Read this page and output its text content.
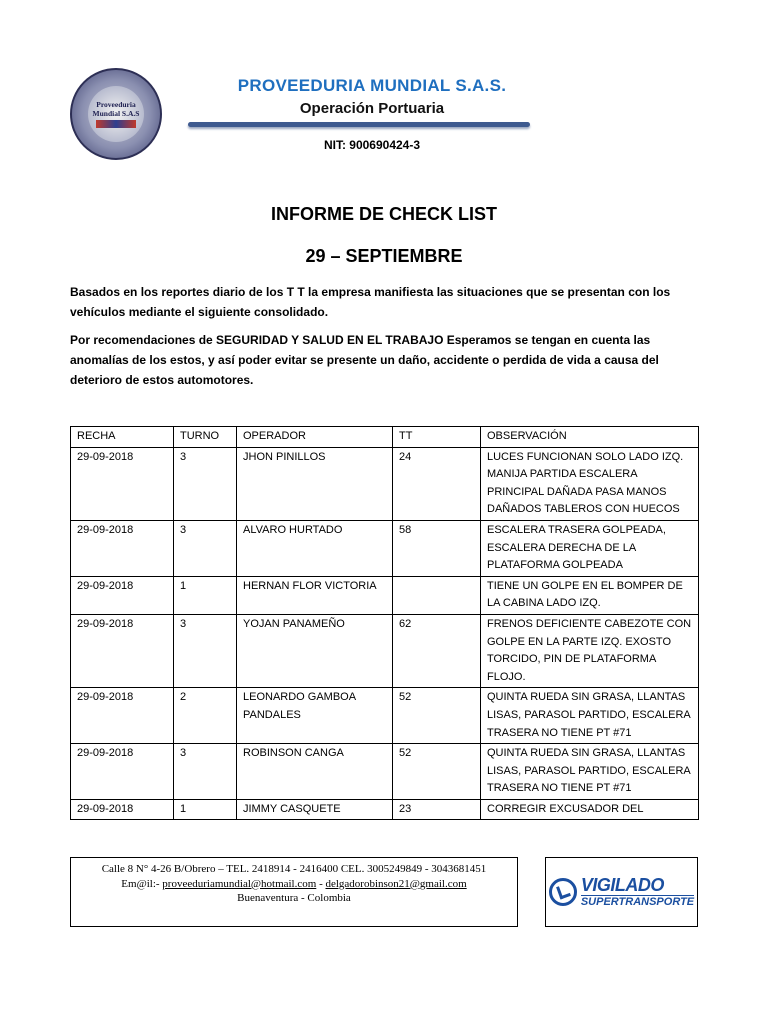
Proveeduria
Mundial S.A.S
PROVEEDURIA MUNDIAL S.A.S.
Operación Portuaria
NIT: 900690424-3
INFORME DE CHECK LIST
29 – SEPTIEMBRE
Basados en los reportes diario de los T T la empresa manifiesta las situaciones que se presentan con los vehículos mediante el siguiente consolidado.
Por recomendaciones de SEGURIDAD Y SALUD EN EL TRABAJO Esperamos se tengan en cuenta las anomalías de los estos, y así poder evitar se presente un daño, accidente o perdida de vida a causa del deterioro de estos automotores.
RECHA	TURNO	OPERADOR	TT	OBSERVACIÓN
29-09-2018	3	JHON PINILLOS	24	LUCES FUNCIONAN SOLO LADO IZQ. MANIJA PARTIDA ESCALERA PRINCIPAL DAÑADA PASA MANOS DAÑADOS TABLEROS CON HUECOS
29-09-2018	3	ALVARO HURTADO	58	ESCALERA TRASERA GOLPEADA, ESCALERA DERECHA DE LA PLATAFORMA GOLPEADA
29-09-2018	1	HERNAN FLOR VICTORIA		TIENE UN GOLPE EN EL BOMPER DE LA CABINA LADO IZQ.
29-09-2018	3	YOJAN PANAMEÑO	62	FRENOS DEFICIENTE CABEZOTE CON GOLPE EN LA PARTE IZQ. EXOSTO TORCIDO, PIN DE PLATAFORMA FLOJO.
29-09-2018	2	LEONARDO GAMBOA PANDALES	52	QUINTA RUEDA SIN GRASA, LLANTAS LISAS, PARASOL PARTIDO, ESCALERA TRASERA NO TIENE PT #71
29-09-2018	3	ROBINSON CANGA	52	QUINTA RUEDA SIN GRASA, LLANTAS LISAS, PARASOL PARTIDO, ESCALERA TRASERA NO TIENE PT #71
29-09-2018	1	JIMMY CASQUETE	23	CORREGIR EXCUSADOR DEL
Calle 8 N° 4-26 B/Obrero – TEL. 2418914 - 2416400 CEL. 3005249849 - 3043681451
Em@il:- proveeduriamundial@hotmail.com - delgadorobinson21@gmail.com
Buenaventura - Colombia
VIGILADO
SUPERTRANSPORTE
